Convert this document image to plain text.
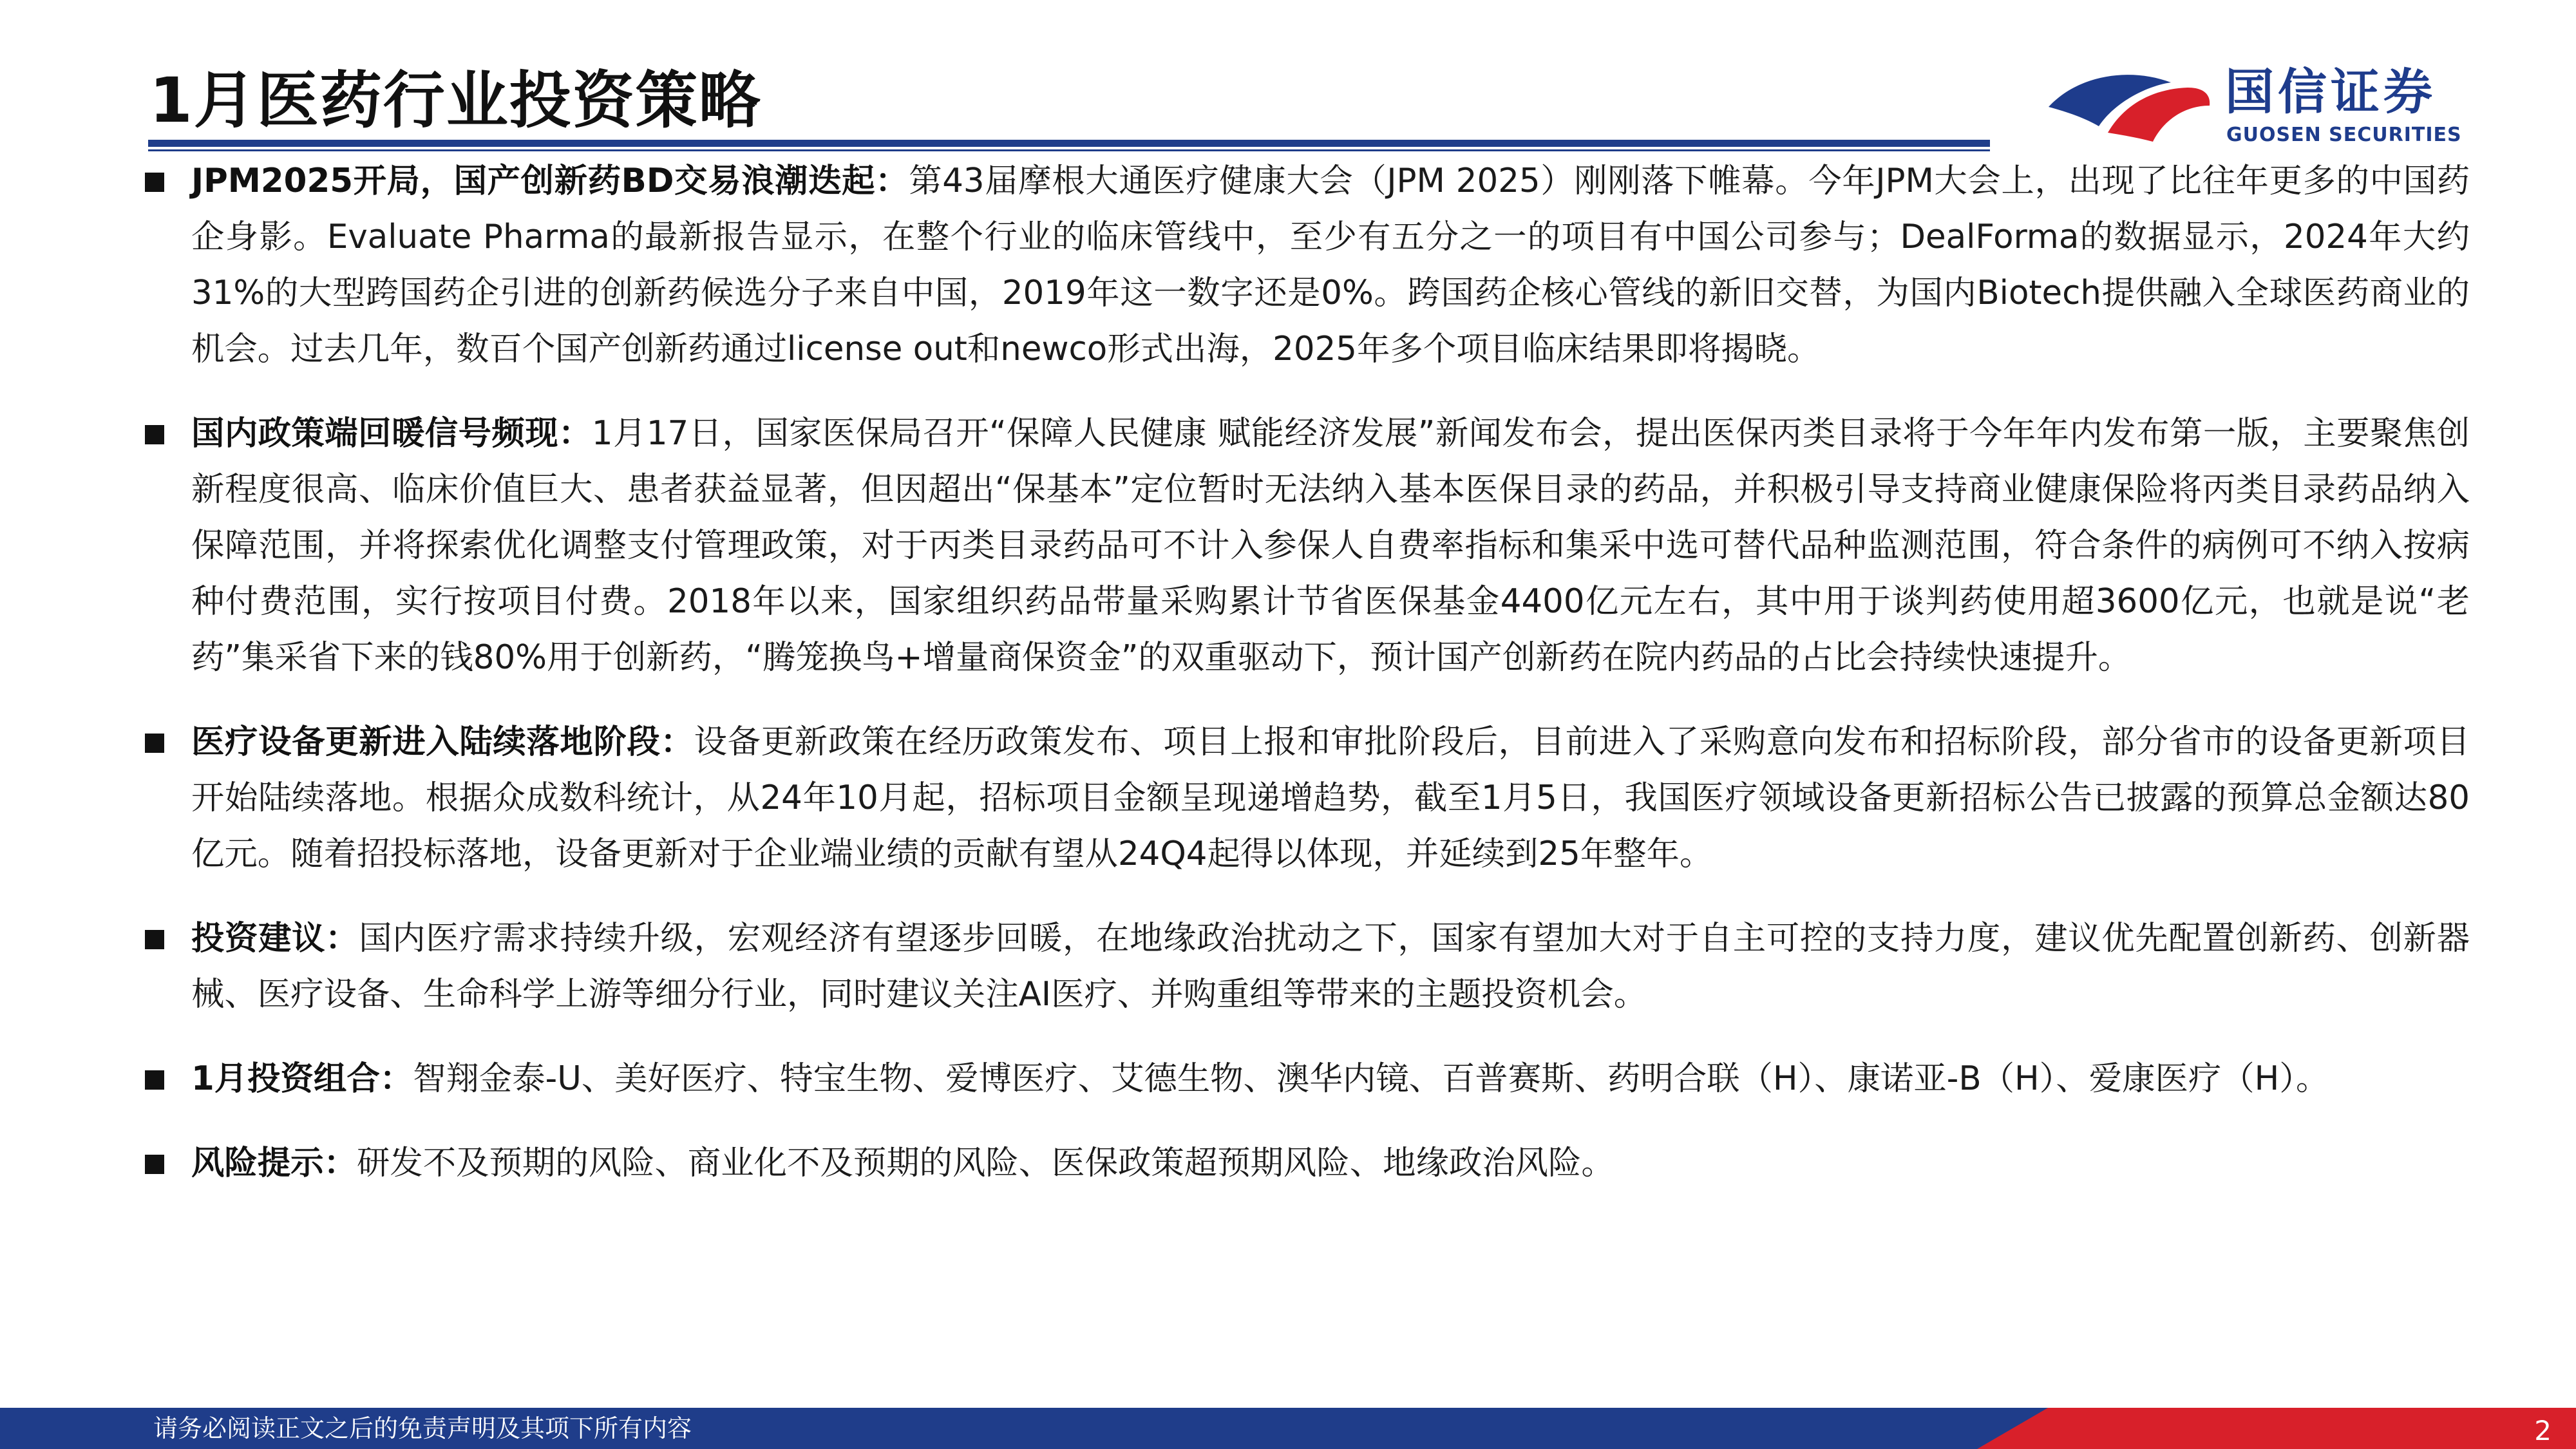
1月医药行业投资策略	国信证券
GUOSEN SECURITIES
JPM2025开局，国产创新药BD交易浪潮迭起：第43届摩根大通医疗健康大会（JPM 2025）刚刚落下帷幕。今年JPM大会上，出现了比往年更多的中国药企身影。Evaluate Pharma的最新报告显示，在整个行业的临床管线中，至少有五分之一的项目有中国公司参与；DealForma的数据显示，2024年大约31%的大型跨国药企引进的创新药候选分子来自中国，2019年这一数字还是0%。跨国药企核心管线的新旧交替，为国内Biotech提供融入全球医药商业的机会。过去几年，数百个国产创新药通过license out和newco形式出海，2025年多个项目临床结果即将揭晓。
国内政策端回暖信号频现：1月17日，国家医保局召开“保障人民健康 赋能经济发展”新闻发布会，提出医保丙类目录将于今年年内发布第一版，主要聚焦创新程度很高、临床价值巨大、患者获益显著，但因超出“保基本”定位暂时无法纳入基本医保目录的药品，并积极引导支持商业健康保险将丙类目录药品纳入保障范围，并将探索优化调整支付管理政策，对于丙类目录药品可不计入参保人自费率指标和集采中选可替代品种监测范围，符合条件的病例可不纳入按病种付费范围，实行按项目付费。2018年以来，国家组织药品带量采购累计节省医保基金4400亿元左右，其中用于谈判药使用超3600亿元，也就是说“老药”集采省下来的钱80%用于创新药，“腾笼换鸟+增量商保资金”的双重驱动下，预计国产创新药在院内药品的占比会持续快速提升。
医疗设备更新进入陆续落地阶段：设备更新政策在经历政策发布、项目上报和审批阶段后，目前进入了采购意向发布和招标阶段，部分省市的设备更新项目开始陆续落地。根据众成数科统计，从24年10月起，招标项目金额呈现递增趋势，截至1月5日，我国医疗领域设备更新招标公告已披露的预算总金额达80亿元。随着招投标落地，设备更新对于企业端业绩的贡献有望从24Q4起得以体现，并延续到25年整年。
投资建议：国内医疗需求持续升级，宏观经济有望逐步回暖，在地缘政治扰动之下，国家有望加大对于自主可控的支持力度，建议优先配置创新药、创新器械、医疗设备、生命科学上游等细分行业，同时建议关注AI医疗、并购重组等带来的主题投资机会。
1月投资组合：智翔金泰-U、美好医疗、特宝生物、爱博医疗、艾德生物、澳华内镜、百普赛斯、药明合联（H）、康诺亚-B（H）、爱康医疗（H）。
风险提示：研发不及预期的风险、商业化不及预期的风险、医保政策超预期风险、地缘政治风险。
请务必阅读正文之后的免责声明及其项下所有内容	2
